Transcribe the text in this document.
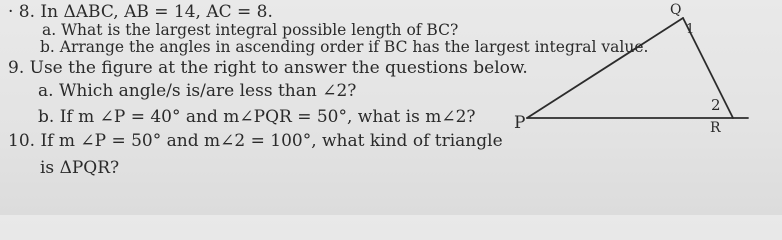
· 8. In ΔABC, AB = 14, AC = 8.
a. What is the largest integral possible length of BC?
b. Arrange the angles in ascending order if BC has the largest integral value.
9. Use the figure at the right to answer the questions below.
a. Which angle/s is/are less than ∠2?
b. If m ∠P = 40° and m∠PQR = 50°, what is m∠2?
10. If m ∠P = 50° and m∠2 = 100°, what kind of triangle
is ΔPQR?
P
Q
R
1
2
